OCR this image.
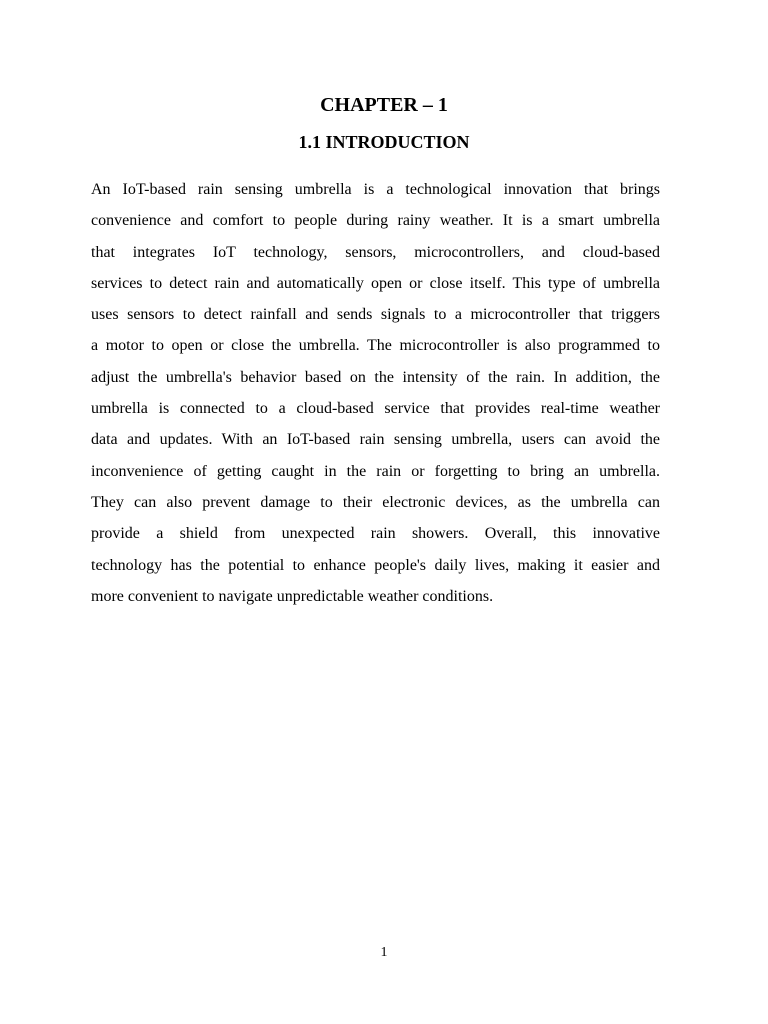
CHAPTER – 1
1.1 INTRODUCTION
An IoT-based rain sensing umbrella is a technological innovation that brings
convenience and comfort to people during rainy weather. It is a smart umbrella
that integrates IoT technology, sensors, microcontrollers, and cloud-based
services to detect rain and automatically open or close itself. This type of umbrella
uses sensors to detect rainfall and sends signals to a microcontroller that triggers
a motor to open or close the umbrella. The microcontroller is also programmed to
adjust the umbrella's behavior based on the intensity of the rain. In addition, the
umbrella is connected to a cloud-based service that provides real-time weather
data and updates. With an IoT-based rain sensing umbrella, users can avoid the
inconvenience of getting caught in the rain or forgetting to bring an umbrella.
They can also prevent damage to their electronic devices, as the umbrella can
provide a shield from unexpected rain showers. Overall, this innovative
technology has the potential to enhance people's daily lives, making it easier and
more convenient to navigate unpredictable weather conditions.
1
